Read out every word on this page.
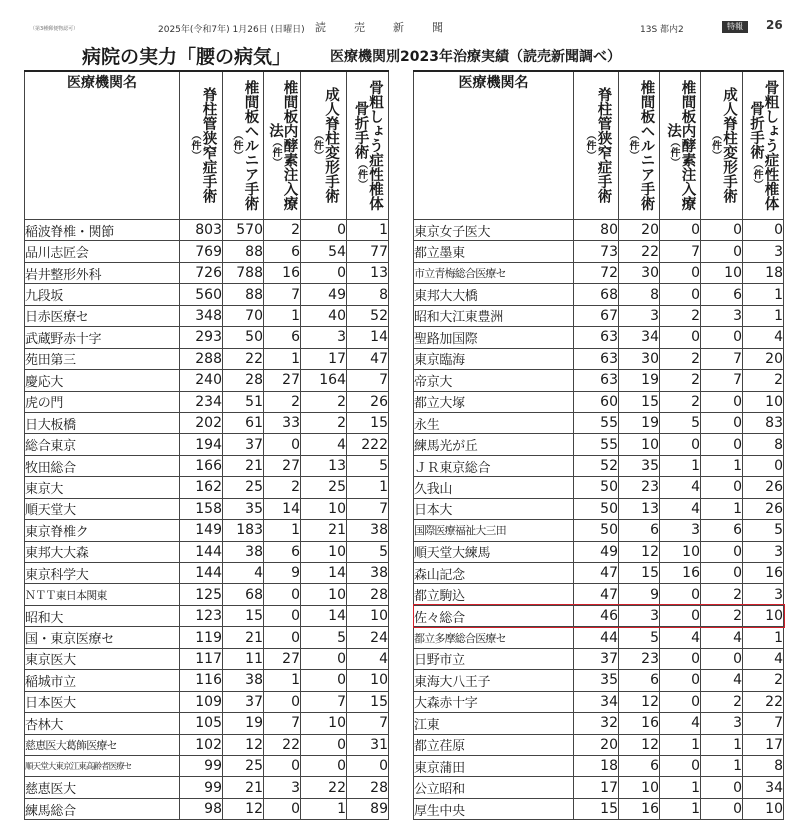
（第3種郵便物認可）	2025年(令和7年) 1月26日 (日曜日) 読売新聞	13S 都内2	特報	26
病院の実力「腰の病気」	医療機関別2023年治療実績（読売新聞調べ）
医療機関名	脊柱管狭窄症手術（件）	椎間板ヘルニア手術（件）	椎間板内酵素注入療法（件）	成人脊柱変形手術（件）	骨粗しょう症性椎体骨折手術（件）

稲波脊椎・関節	803	570	2	0	1
品川志匠会	769	88	6	54	77
岩井整形外科	726	788	16	0	13
九段坂	560	88	7	49	8
日赤医療セ	348	70	1	40	52
武蔵野赤十字	293	50	6	3	14
苑田第三	288	22	1	17	47
慶応大	240	28	27	164	7
虎の門	234	51	2	2	26
日大板橋	202	61	33	2	15
総合東京	194	37	0	4	222
牧田総合	166	21	27	13	5
東京大	162	25	2	25	1
順天堂大	158	35	14	10	7
東京脊椎ク	149	183	1	21	38
東邦大大森	144	38	6	10	5
東京科学大	144	4	9	14	38
ＮＴＴ東日本関東	125	68	0	10	28
昭和大	123	15	0	14	10
国・東京医療セ	119	21	0	5	24
東京医大	117	11	27	0	4
稲城市立	116	38	1	0	10
日本医大	109	37	0	7	15
杏林大	105	19	7	10	7
慈恵医大葛飾医療セ	102	12	22	0	31
順天堂大東京江東高齢者医療セ	99	25	0	0	0
慈恵医大	99	21	3	22	28
練馬総合	98	12	0	1	89
医療機関名	脊柱管狭窄症手術（件）	椎間板ヘルニア手術（件）	椎間板内酵素注入療法（件）	成人脊柱変形手術（件）	骨粗しょう症性椎体骨折手術（件）

東京女子医大	80	20	0	0	0
都立墨東	73	22	7	0	3
市立青梅総合医療セ	72	30	0	10	18
東邦大大橋	68	8	0	6	1
昭和大江東豊洲	67	3	2	3	1
聖路加国際	63	34	0	0	4
東京臨海	63	30	2	7	20
帝京大	63	19	2	7	2
都立大塚	60	15	2	0	10
永生	55	19	5	0	83
練馬光が丘	55	10	0	0	8
ＪＲ東京総合	52	35	1	1	0
久我山	50	23	4	0	26
日本大	50	13	4	1	26
国際医療福祉大三田	50	6	3	6	5
順天堂大練馬	49	12	10	0	3
森山記念	47	15	16	0	16
都立駒込	47	9	0	2	3
佐々総合	46	3	0	2	10
都立多摩総合医療セ	44	5	4	4	1
日野市立	37	23	0	0	4
東海大八王子	35	6	0	4	2
大森赤十字	34	12	0	2	22
江東	32	16	4	3	7
都立荏原	20	12	1	1	17
東京蒲田	18	6	0	1	8
公立昭和	17	10	1	0	34
厚生中央	15	16	1	0	10
